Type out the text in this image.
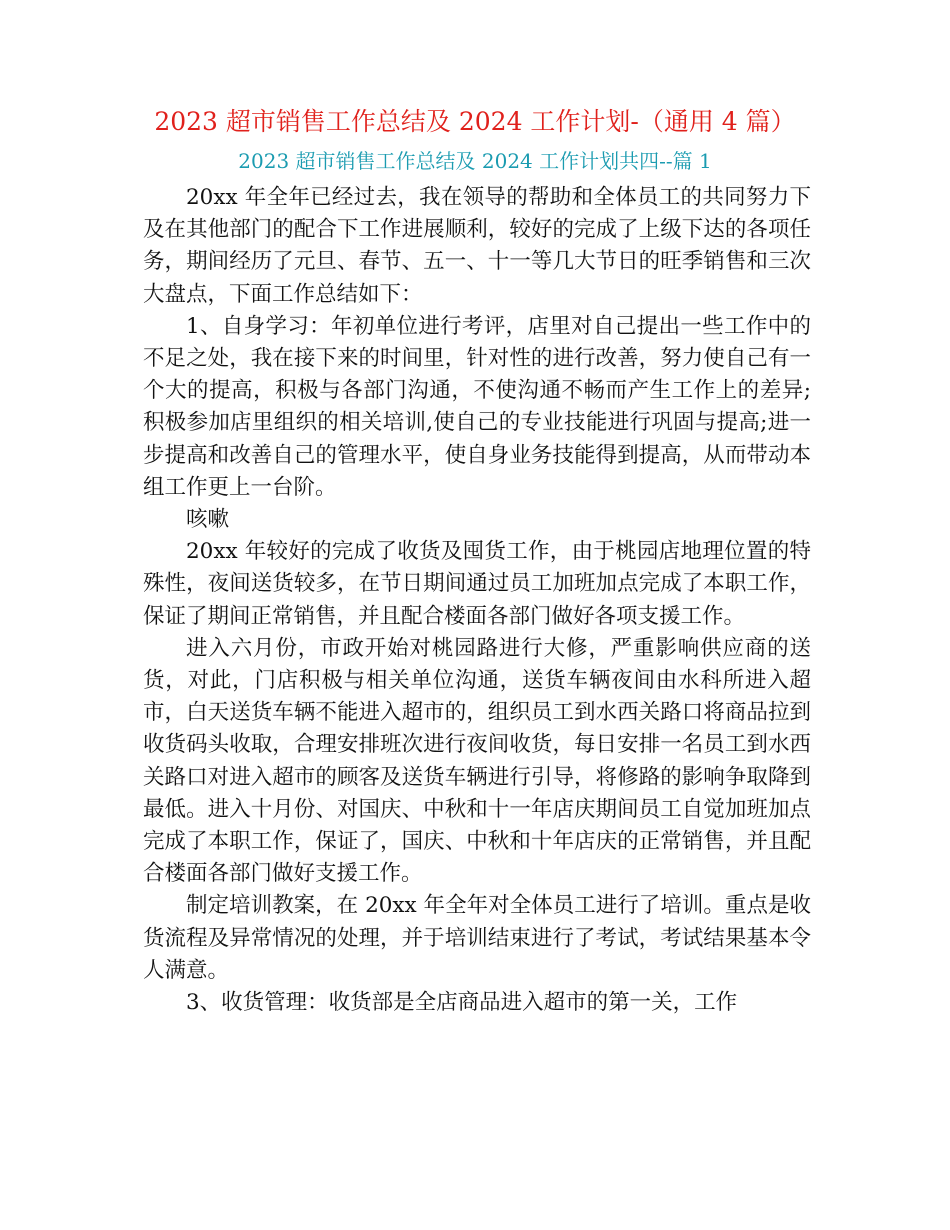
2023 超市销售工作总结及 2024 工作计划-（通用 4 篇）
2023 超市销售工作总结及 2024 工作计划共四--篇 1

20xx 年全年已经过去，我在领导的帮助和全体员工的共同努力下及在其他部门的配合下工作进展顺利，较好的完成了上级下达的各项任务，期间经历了元旦、春节、五一、十一等几大节日的旺季销售和三次大盘点，下面工作总结如下：

1、自身学习：年初单位进行考评，店里对自己提出一些工作中的不足之处，我在接下来的时间里，针对性的进行改善，努力使自己有一个大的提高，积极与各部门沟通，不使沟通不畅而产生工作上的差异;积极参加店里组织的相关培训,使自己的专业技能进行巩固与提高;进一步提高和改善自己的管理水平，使自身业务技能得到提高，从而带动本组工作更上一台阶。

咳嗽

20xx 年较好的完成了收货及囤货工作，由于桃园店地理位置的特殊性，夜间送货较多，在节日期间通过员工加班加点完成了本职工作，保证了期间正常销售，并且配合楼面各部门做好各项支援工作。

进入六月份，市政开始对桃园路进行大修，严重影响供应商的送货，对此，门店积极与相关单位沟通，送货车辆夜间由水科所进入超市，白天送货车辆不能进入超市的，组织员工到水西关路口将商品拉到收货码头收取，合理安排班次进行夜间收货，每日安排一名员工到水西关路口对进入超市的顾客及送货车辆进行引导，将修路的影响争取降到最低。进入十月份、对国庆、中秋和十一年店庆期间员工自觉加班加点完成了本职工作，保证了，国庆、中秋和十年店庆的正常销售，并且配合楼面各部门做好支援工作。

制定培训教案，在 20xx 年全年对全体员工进行了培训。重点是收货流程及异常情况的处理，并于培训结束进行了考试，考试结果基本令人满意。

3、收货管理：收货部是全店商品进入超市的第一关，工作
